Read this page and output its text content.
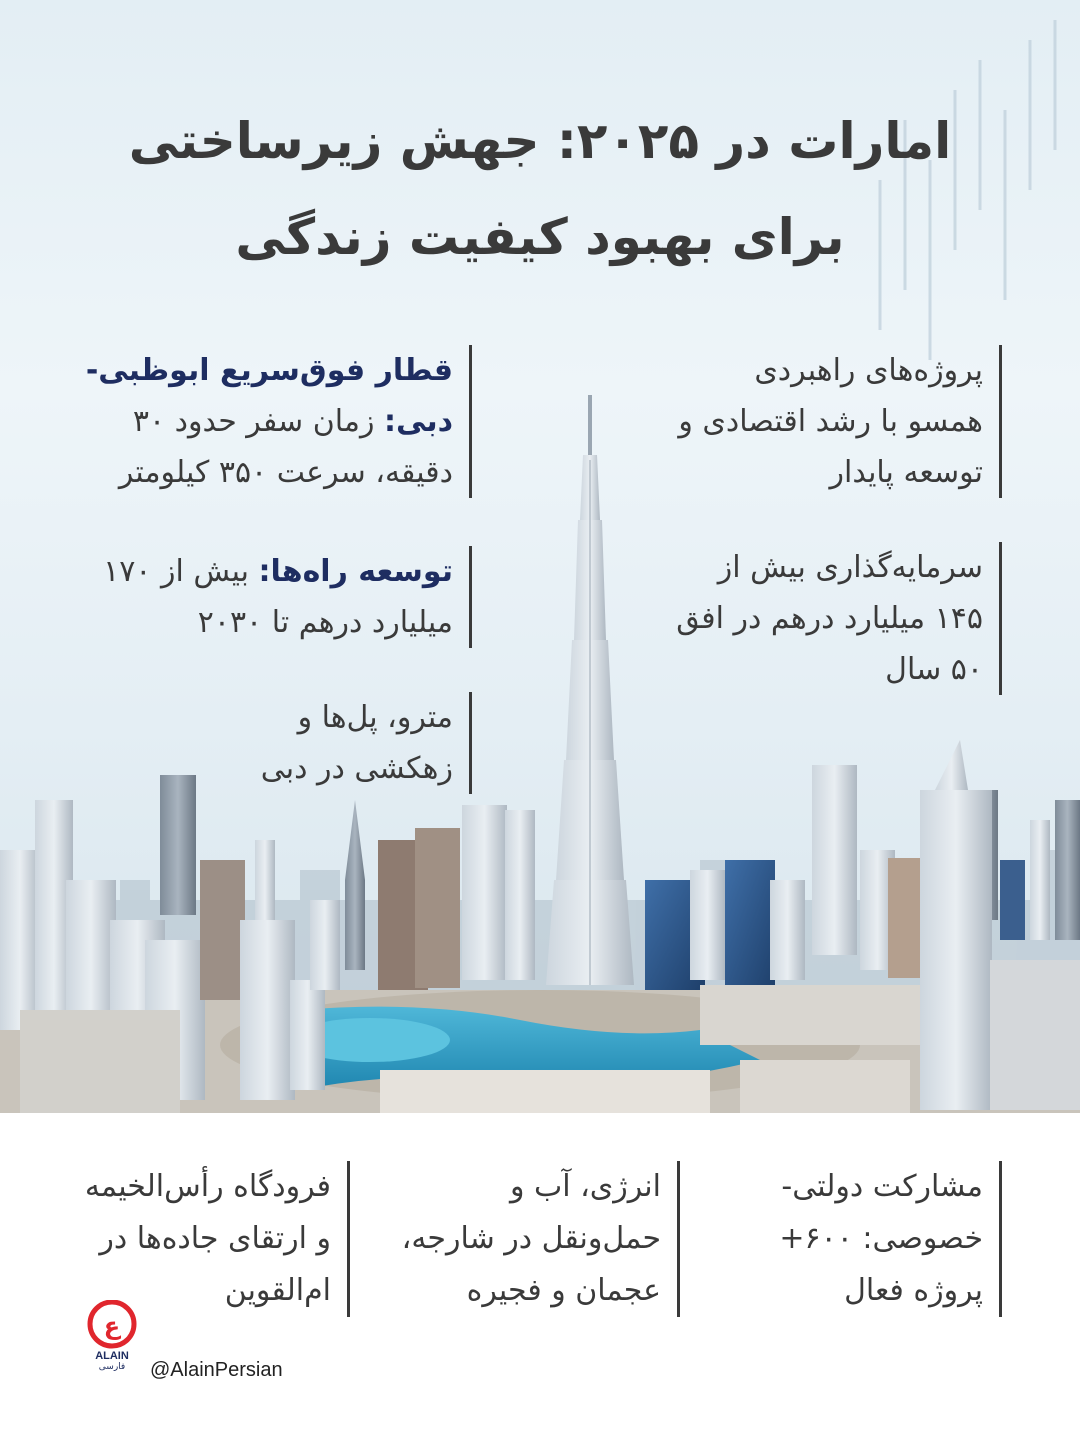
امارات در ۲۰۲۵: جهش زیرساختی
برای بهبود کیفیت زندگی
پروژه‌های راهبردی همسو با رشد اقتصادی و توسعه پایدار
سرمایه‌گذاری بیش از ۱۴۵ میلیارد درهم در افق ۵۰ سال
قطار فوق‌سریع ابوظبی-دبی: زمان سفر حدود ۳۰ دقیقه، سرعت ۳۵۰ کیلومتر
توسعه راه‌ها: بیش از ۱۷۰ میلیارد درهم تا ۲۰۳۰
مترو، پل‌ها و زهکشی در دبی
مشارکت دولتی-خصوصی: ۶۰۰+ پروژه فعال
انرژی، آب و حمل‌ونقل در شارجه، عجمان و فجیره
فرودگاه رأس‌الخیمه و ارتقای جاده‌ها در ام‌القوین
ع
ALAIN
فارسی	@AlainPersian
